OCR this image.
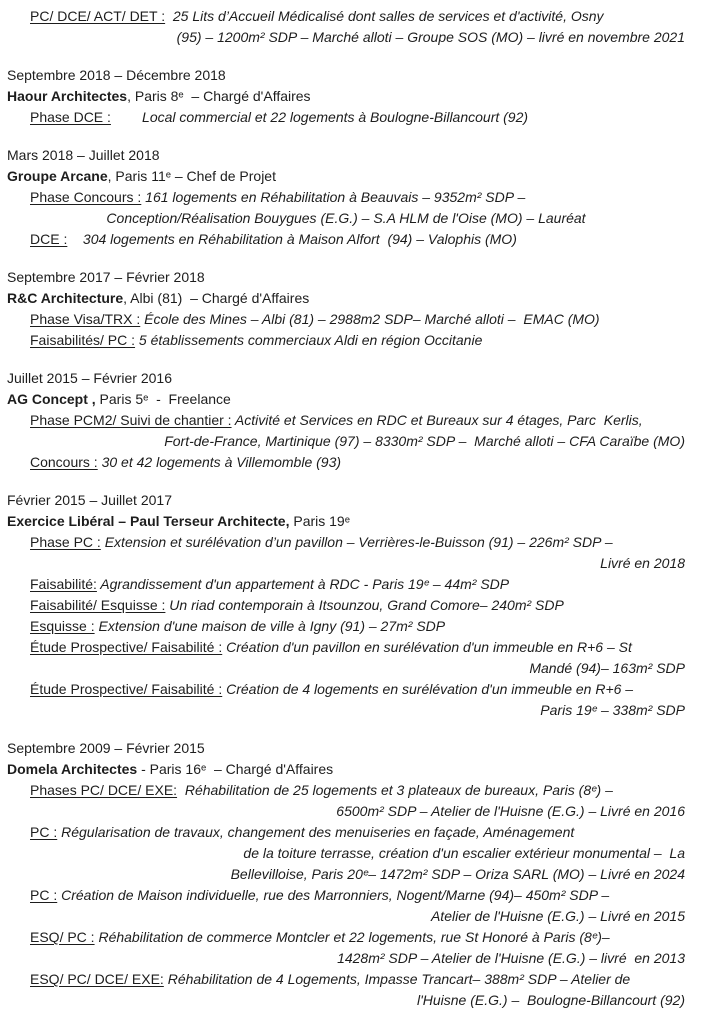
PC/ DCE/ ACT/ DET :  25 Lits d’Accueil Médicalisé dont salles de services et d'activité, Osny
(95) – 1200m² SDP – Marché alloti – Groupe SOS (MO) – livré en novembre 2021
Septembre 2018 – Décembre 2018
Haour Architectes, Paris 8ᵉ  – Chargé d'Affaires
Phase DCE :        Local commercial et 22 logements à Boulogne-Billancourt (92)
Mars 2018 – Juillet 2018
Groupe Arcane, Paris 11ᵉ – Chef de Projet
Phase Concours : 161 logements en Réhabilitation à Beauvais – 9352m² SDP –
Conception/Réalisation Bouygues (E.G.) – S.A HLM de l'Oise (MO) – Lauréat
DCE :    304 logements en Réhabilitation à Maison Alfort  (94) – Valophis (MO)
Septembre 2017 – Février 2018
R&C Architecture, Albi (81)  – Chargé d'Affaires
Phase Visa/TRX : École des Mines – Albi (81) – 2988m2 SDP– Marché alloti –  EMAC (MO)
Faisabilités/ PC : 5 établissements commerciaux Aldi en région Occitanie
Juillet 2015 – Février 2016
AG Concept , Paris 5ᵉ  -  Freelance
Phase PCM2/ Suivi de chantier : Activité et Services en RDC et Bureaux sur 4 étages, Parc  Kerlis,
Fort-de-France, Martinique (97) – 8330m² SDP –  Marché alloti – CFA Caraïbe (MO)
Concours : 30 et 42 logements à Villemomble (93)
Février 2015 – Juillet 2017
Exercice Libéral – Paul Terseur Architecte, Paris 19ᵉ
Phase PC : Extension et surélévation d’un pavillon – Verrières-le-Buisson (91) – 226m² SDP –
Livré en 2018
Faisabilité: Agrandissement d'un appartement à RDC - Paris 19ᵉ – 44m² SDP
Faisabilité/ Esquisse : Un riad contemporain à Itsounzou, Grand Comore– 240m² SDP
Esquisse : Extension d'une maison de ville à Igny (91) – 27m² SDP
Étude Prospective/ Faisabilité : Création d'un pavillon en surélévation d'un immeuble en R+6 – St
Mandé (94)– 163m² SDP
Étude Prospective/ Faisabilité : Création de 4 logements en surélévation d'un immeuble en R+6 –
Paris 19ᵉ – 338m² SDP
Septembre 2009 – Février 2015
Domela Architectes - Paris 16ᵉ  – Chargé d'Affaires
Phases PC/ DCE/ EXE:  Réhabilitation de 25 logements et 3 plateaux de bureaux, Paris (8ᵉ) –
6500m² SDP – Atelier de l'Huisne (E.G.) – Livré en 2016
PC : Régularisation de travaux, changement des menuiseries en façade, Aménagement
de la toiture terrasse, création d'un escalier extérieur monumental –  La
Bellevilloise, Paris 20ᵉ– 1472m² SDP – Oriza SARL (MO) – Livré en 2024
PC : Création de Maison individuelle, rue des Marronniers, Nogent/Marne (94)– 450m² SDP –
Atelier de l'Huisne (E.G.) – Livré en 2015
ESQ/ PC : Réhabilitation de commerce Montcler et 22 logements, rue St Honoré à Paris (8ᵉ)–
1428m² SDP – Atelier de l'Huisne (E.G.) – livré  en 2013
ESQ/ PC/ DCE/ EXE: Réhabilitation de 4 Logements, Impasse Trancart– 388m² SDP – Atelier de
l'Huisne (E.G.) –  Boulogne-Billancourt (92)
